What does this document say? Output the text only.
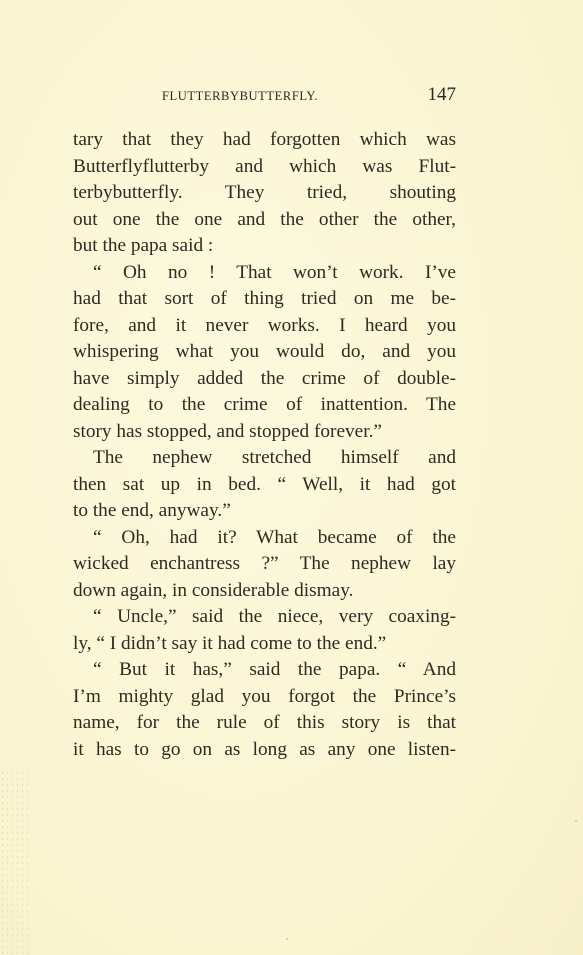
FLUTTERBYBUTTERFLY.	147
tary that they had forgotten which was
Butterflyflutterby and which was Flut-
terbybutterfly. They tried, shouting
out one the one and the other the other,
but the papa said :
“ Oh no ! That won’t work. I’ve
had that sort of thing tried on me be-
fore, and it never works. I heard you
whispering what you would do, and you
have simply added the crime of double-
dealing to the crime of inattention. The
story has stopped, and stopped forever.”
The nephew stretched himself and
then sat up in bed. “ Well, it had got
to the end, anyway.”
“ Oh, had it? What became of the
wicked enchantress ?” The nephew lay
down again, in considerable dismay.
“ Uncle,” said the niece, very coaxing-
ly, “ I didn’t say it had come to the end.”
“ But it has,” said the papa. “ And
I’m mighty glad you forgot the Prince’s
name, for the rule of this story is that
it has to go on as long as any one listen-
